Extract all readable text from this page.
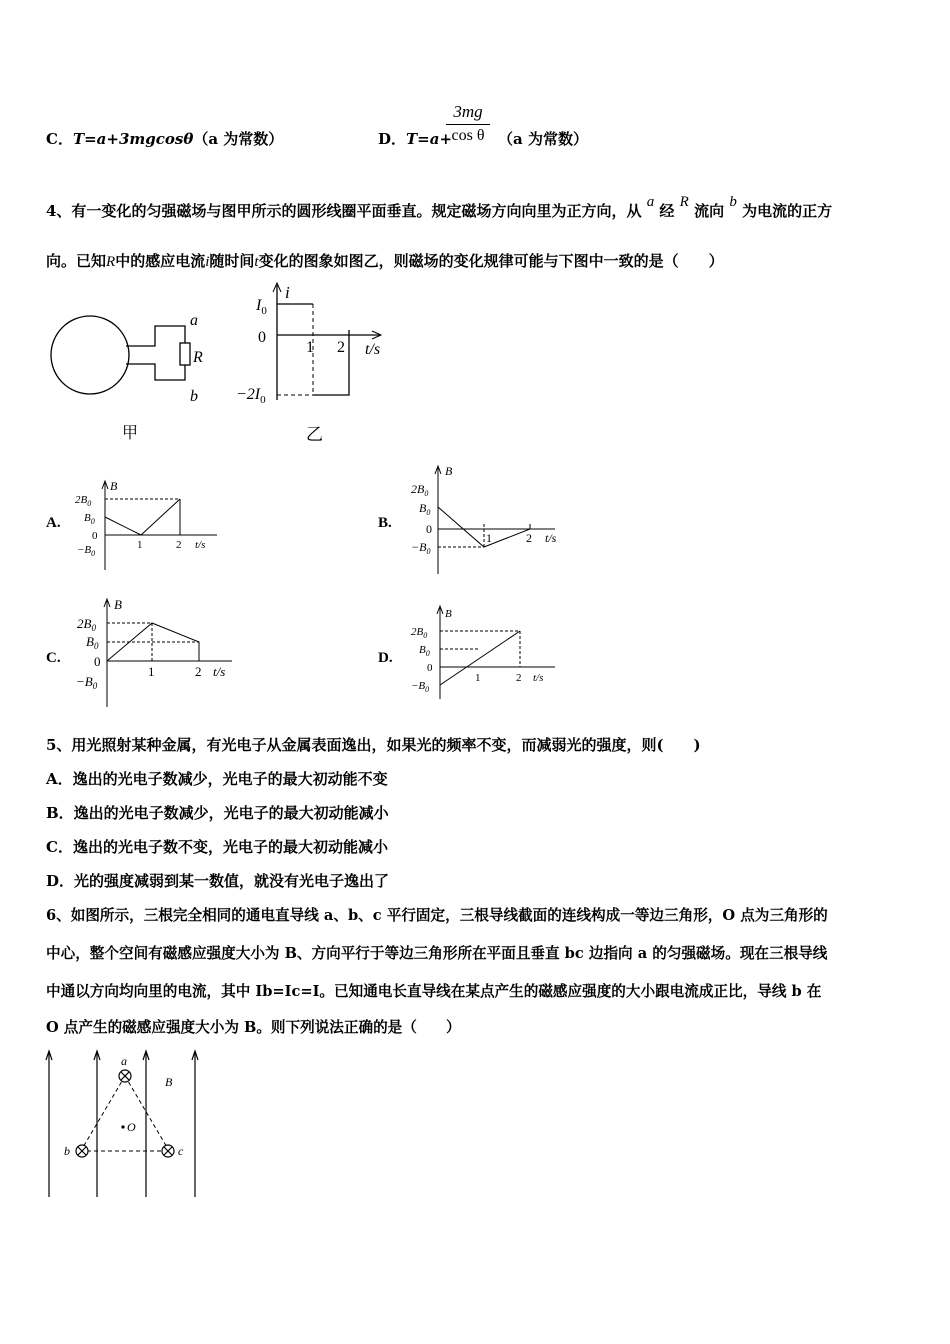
C．T=a+3mgcosθ（a 为常数）	D．T=a+
3mg
cos θ （a 为常数）
4、有一变化的匀强磁场与图甲所示的圆形线圈平面垂直。规定磁场方向向里为正方向，从 a 经 R 流向 b 为电流的正方
向。已知R中的感应电流i随时间t变化的图象如图乙，则磁场的变化规律可能与下图中一致的是（　　）
a
R
b
甲
i
$I_0$
0
1 2 t/s
$-2I_0$
乙
A.
B
$2B_0$
$B_0$
0
$-B_0$
1	2 t/s
B.
B
$2B_0$
$B_0$
0
$-B_0$
1	2 t/s
C.
B
$2B_0$
$B_0$
0
$-B_0$
1	2 t/s
D.
B
$2B_0$
$B_0$
0
$-B_0$
1	2 t/s
5、用光照射某种金属，有光电子从金属表面逸出，如果光的频率不变，而减弱光的强度，则(　　)
A．逸出的光电子数减少，光电子的最大初动能不变
B．逸出的光电子数减少，光电子的最大初动能减小
C．逸出的光电子数不变，光电子的最大初动能减小
D．光的强度减弱到某一数值，就没有光电子逸出了
6、如图所示，三根完全相同的通电直导线 a、b、c 平行固定，三根导线截面的连线构成一等边三角形，O 点为三角形的
中心，整个空间有磁感应强度大小为 B、方向平行于等边三角形所在平面且垂直 bc 边指向 a 的匀强磁场。现在三根导线
中通以方向均向里的电流，其中 Ib=Ic=I。已知通电长直导线在某点产生的磁感应强度的大小跟电流成正比，导线 b 在
O 点产生的磁感应强度大小为 B。则下列说法正确的是（　　）
a
b	c
O
B
